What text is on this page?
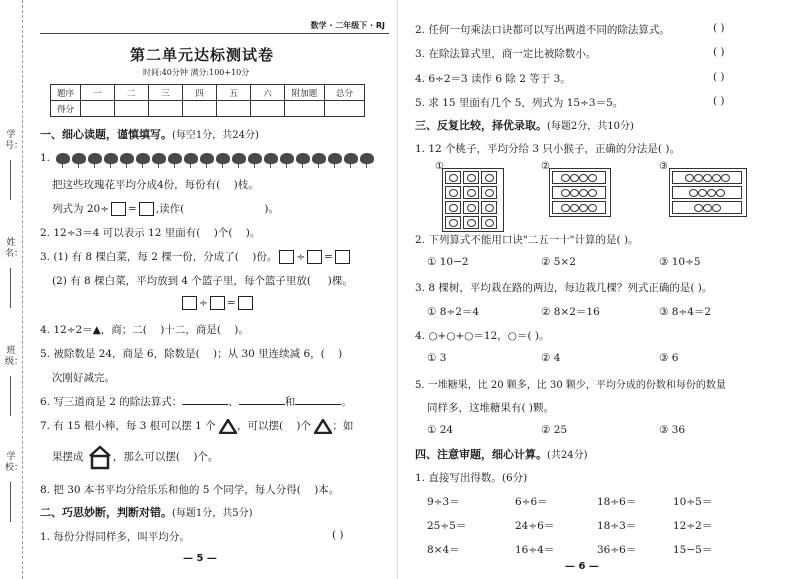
学号：
姓名：
班级：
学校：
数学 · 二年级下 · RJ
第二单元达标测试卷
时间:40分钟 满分:100+10分
题序	一	二	三	四	五	六	附加题	总分
得分								
一、细心读题，谨慎填写。(每空1分，共24分)
1.
把这些玫瑰花平均分成4份，每份有( )枝。
列式为 20÷ = ,读作(	)。
2. 12÷3＝4 可以表示 12 里面有( )个( )。
3. (1) 有 8 棵白菜，每 2 棵一份，分成了( )份。 ÷ =
(2) 有 8 棵白菜，平均放到 4 个篮子里，每个篮子里放( )棵。
÷ =
4. 12÷2＝▲，商；二( )十二，商是( )。
5. 被除数是 24，商是 6，除数是( )；从 30 里连续减 6，( )
次刚好减完。
6. 写三道商是 2 的除法算式：	、	和	。
7. 有 15 根小棒，每 3 根可以摆 1 个 ，可以摆( )个 ；如
果摆成	，那么可以摆( )个。
8. 把 30 本书平均分给乐乐和他的 5 个同学，每人分得( )本。
二、巧思妙断，判断对错。(每题1分，共5分)
1. 每份分得同样多，叫平均分。	( )
— 5 —
2. 任何一句乘法口诀都可以写出两道不同的除法算式。	( )
3. 在除法算式里，商一定比被除数小。	( )
4. 6÷2＝3 读作 6 除 2 等于 3。	( )
5. 求 15 里面有几个 5，列式为 15÷3＝5。	( )
三、反复比较，择优录取。(每题2分，共10分)
1. 12 个桃子，平均分给 3 只小猴子，正确的分法是( )。
①	②	③
2. 下列算式不能用口诀"二五一十"计算的是( )。
① 10−2	② 5×2	③ 10÷5
3. 8 棵树，平均栽在路的两边，每边栽几棵？列式正确的是( )。
① 8÷2＝4	② 8×2＝16	③ 8÷4＝2
4. ○+○+○＝12，○＝( )。
① 3	② 4	③ 6
5. 一堆糖果，比 20 颗多，比 30 颗少，平均分成的份数和每份的数量
同样多，这堆糖果有( )颗。
① 24	② 25	③ 36
四、注意审题，细心计算。(共24分)
1. 直接写出得数。(6分)
9÷3＝	6÷6＝	18÷6＝	10÷5＝
25÷5＝	24÷6＝	18÷3＝	12÷2＝
8×4＝	16÷4＝	36÷6＝	15−5＝
— 6 —
